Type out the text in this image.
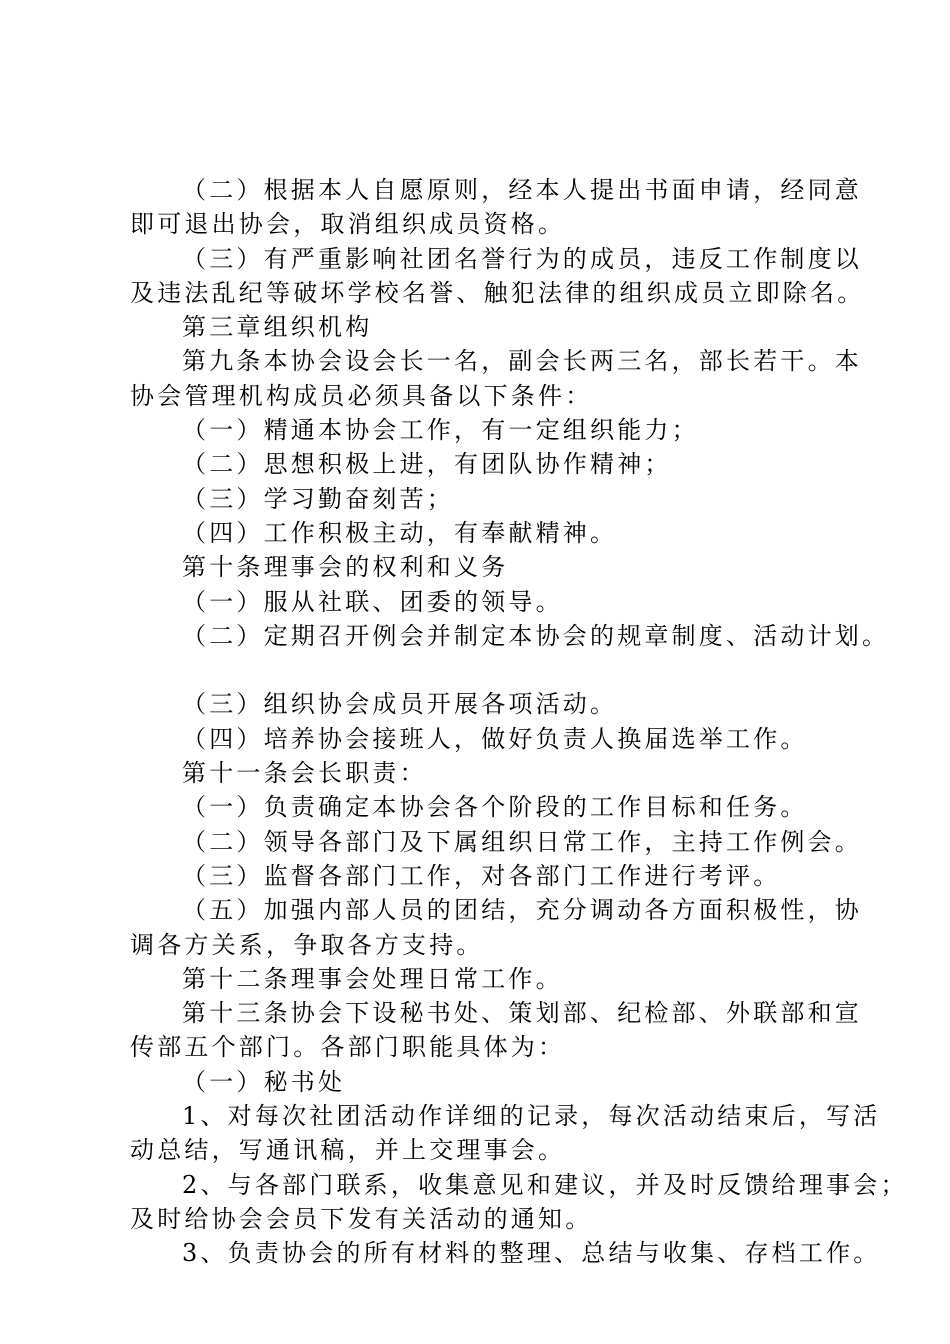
（二）根据本人自愿原则，经本人提出书面申请，经同意
即可退出协会，取消组织成员资格。
（三）有严重影响社团名誉行为的成员，违反工作制度以
及违法乱纪等破坏学校名誉、触犯法律的组织成员立即除名。
第三章组织机构
第九条本协会设会长一名，副会长两三名，部长若干。本
协会管理机构成员必须具备以下条件：
（一）精通本协会工作，有一定组织能力；
（二）思想积极上进，有团队协作精神；
（三）学习勤奋刻苦；
（四）工作积极主动，有奉献精神。
第十条理事会的权利和义务
（一）服从社联、团委的领导。
（二）定期召开例会并制定本协会的规章制度、活动计划。
（三）组织协会成员开展各项活动。
（四）培养协会接班人，做好负责人换届选举工作。
第十一条会长职责：
（一）负责确定本协会各个阶段的工作目标和任务。
（二）领导各部门及下属组织日常工作，主持工作例会。
（三）监督各部门工作，对各部门工作进行考评。
（五）加强内部人员的团结，充分调动各方面积极性，协
调各方关系，争取各方支持。
第十二条理事会处理日常工作。
第十三条协会下设秘书处、策划部、纪检部、外联部和宣
传部五个部门。各部门职能具体为：
（一）秘书处
1、对每次社团活动作详细的记录，每次活动结束后，写活
动总结，写通讯稿，并上交理事会。
2、与各部门联系，收集意见和建议，并及时反馈给理事会；
及时给协会会员下发有关活动的通知。
3、负责协会的所有材料的整理、总结与收集、存档工作。
